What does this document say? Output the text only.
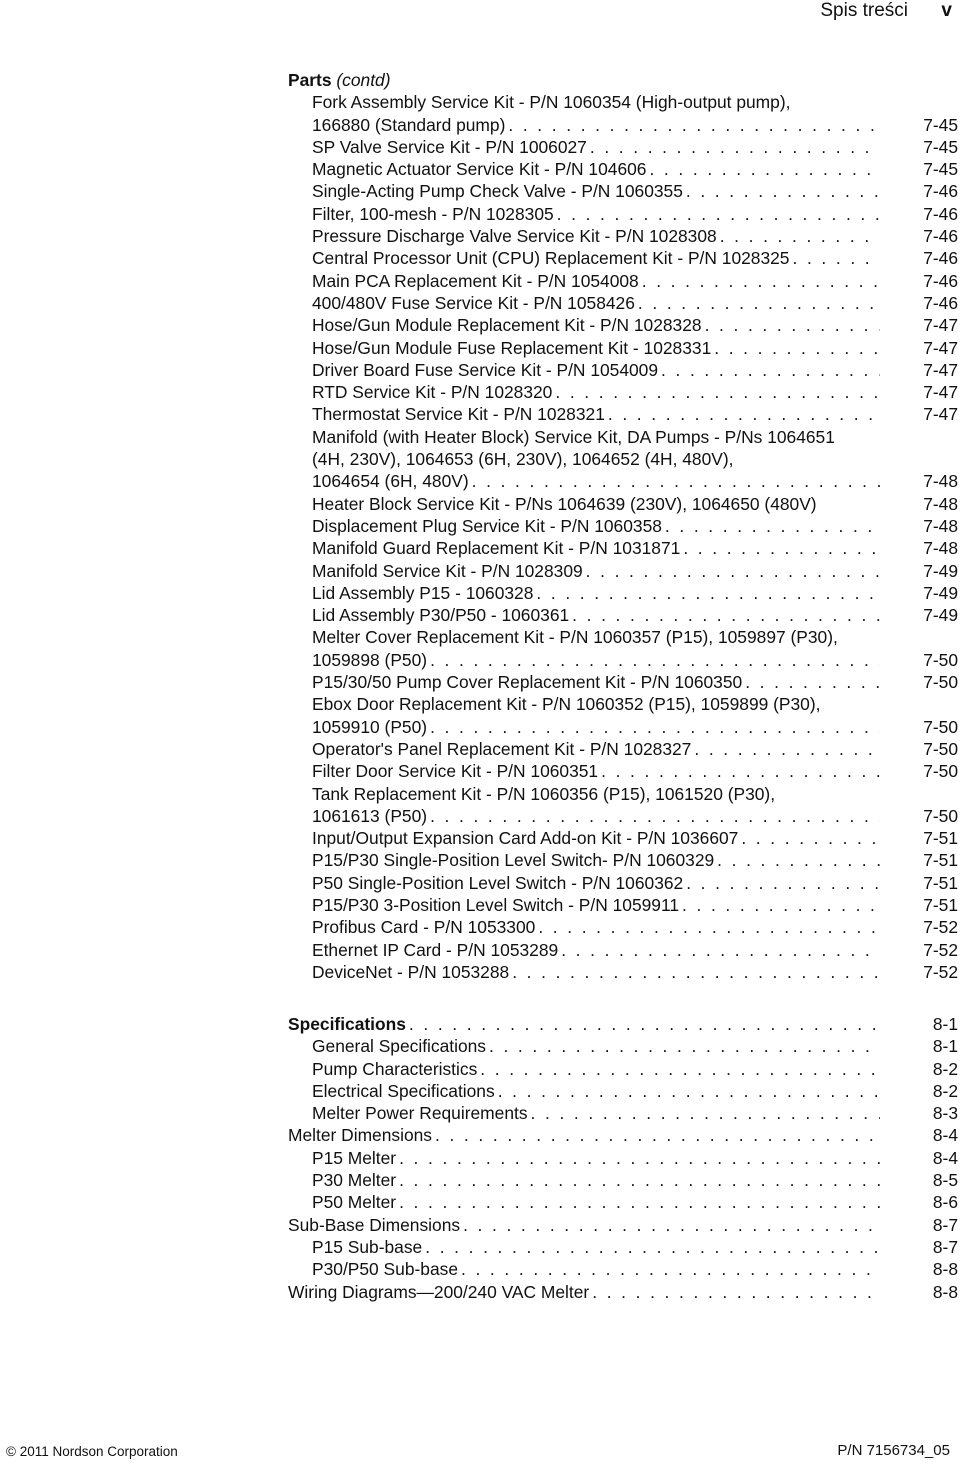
Spis treści v
Parts (contd)
Fork Assembly Service Kit - P/N 1060354 (High-output pump),
166880 (Standard pump) . . .	7-45
SP Valve Service Kit - P/N 1006027 . . .	7-45
Magnetic Actuator Service Kit - P/N 104606 . . .	7-45
Single-Acting Pump Check Valve - P/N 1060355 . . .	7-46
Filter, 100-mesh - P/N 1028305 . . .	7-46
Pressure Discharge Valve Service Kit - P/N 1028308 . . .	7-46
Central Processor Unit (CPU) Replacement Kit - P/N 1028325 . . .	7-46
Main PCA Replacement Kit - P/N 1054008 . . .	7-46
400/480V Fuse Service Kit - P/N 1058426 . . .	7-46
Hose/Gun Module Replacement Kit - P/N 1028328 . . .	7-47
Hose/Gun Module Fuse Replacement Kit - 1028331 . . .	7-47
Driver Board Fuse Service Kit - P/N 1054009 . . .	7-47
RTD Service Kit - P/N 1028320 . . .	7-47
Thermostat Service Kit - P/N 1028321 . . .	7-47
Manifold (with Heater Block) Service Kit, DA Pumps - P/Ns 1064651
(4H, 230V), 1064653 (6H, 230V), 1064652 (4H, 480V),
1064654 (6H, 480V) . . .	7-48
Heater Block Service Kit - P/Ns 1064639 (230V), 1064650 (480V)	7-48
Displacement Plug Service Kit - P/N 1060358 . . .	7-48
Manifold Guard Replacement Kit - P/N 1031871 . . .	7-48
Manifold Service Kit - P/N 1028309 . . .	7-49
Lid Assembly P15 - 1060328 . . .	7-49
Lid Assembly P30/P50 - 1060361 . . .	7-49
Melter Cover Replacement Kit - P/N 1060357 (P15), 1059897 (P30),
1059898 (P50) . . .	7-50
P15/30/50 Pump Cover Replacement Kit - P/N 1060350 . . .	7-50
Ebox Door Replacement Kit - P/N 1060352 (P15), 1059899 (P30),
1059910 (P50) . . .	7-50
Operator's Panel Replacement Kit - P/N 1028327 . . .	7-50
Filter Door Service Kit - P/N 1060351 . . .	7-50
Tank Replacement Kit - P/N 1060356 (P15), 1061520 (P30),
1061613 (P50) . . .	7-50
Input/Output Expansion Card Add-on Kit - P/N 1036607 . . .	7-51
P15/P30 Single-Position Level Switch- P/N 1060329 . . .	7-51
P50 Single-Position Level Switch - P/N 1060362 . . .	7-51
P15/P30 3-Position Level Switch - P/N 1059911 . . .	7-51
Profibus Card - P/N 1053300 . . .	7-52
Ethernet IP Card - P/N 1053289 . . .	7-52
DeviceNet - P/N 1053288 . . .	7-52
Specifications . . .	8-1
General Specifications . . .	8-1
Pump Characteristics . . .	8-2
Electrical Specifications . . .	8-2
Melter Power Requirements . . .	8-3
Melter Dimensions . . .	8-4
P15 Melter . . .	8-4
P30 Melter . . .	8-5
P50 Melter . . .	8-6
Sub-Base Dimensions . . .	8-7
P15 Sub-base . . .	8-7
P30/P50 Sub-base . . .	8-8
Wiring Diagrams—200/240 VAC Melter . . .	8-8
© 2011 Nordson Corporation	P/N 7156734_05
